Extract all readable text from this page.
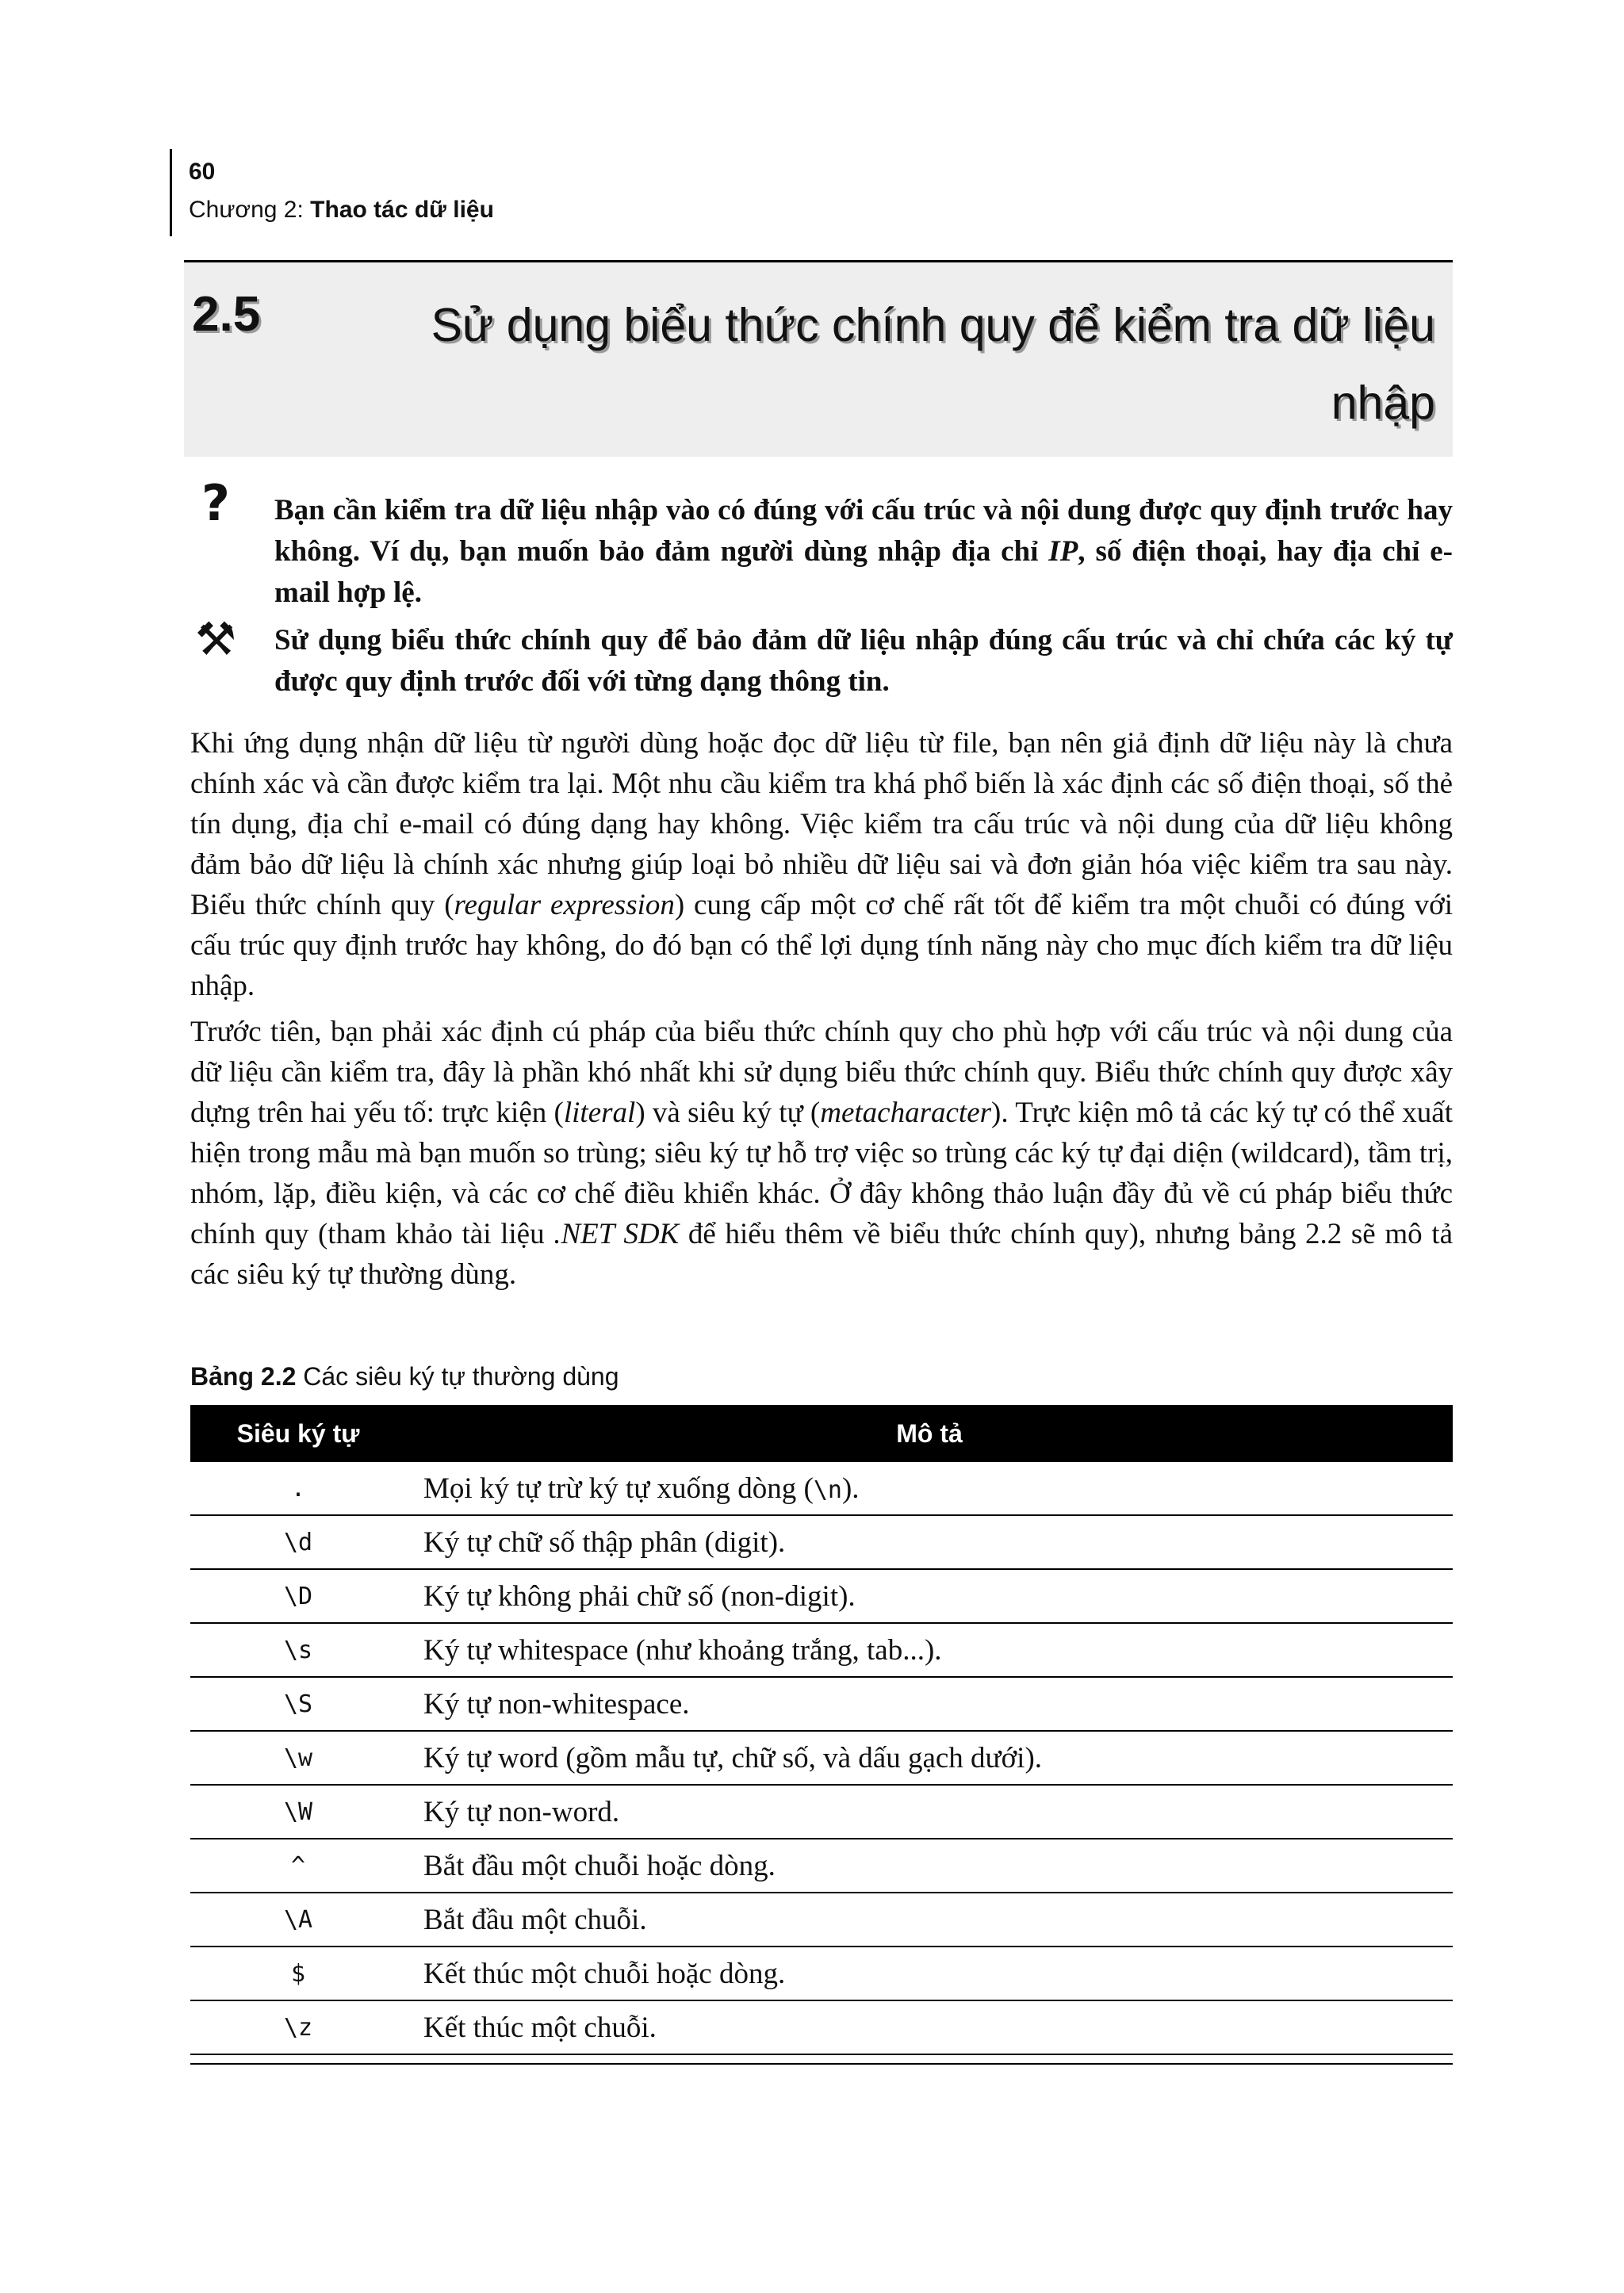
60
Chương 2: Thao tác dữ liệu
2.5	Sử dụng biểu thức chính quy để kiểm tra dữ liệu nhập
?	Bạn cần kiểm tra dữ liệu nhập vào có đúng với cấu trúc và nội dung được quy định trước hay không. Ví dụ, bạn muốn bảo đảm người dùng nhập địa chỉ IP, số điện thoại, hay địa chỉ e-mail hợp lệ.
⚒ Sử dụng biểu thức chính quy để bảo đảm dữ liệu nhập đúng cấu trúc và chỉ chứa các ký tự được quy định trước đối với từng dạng thông tin.
Khi ứng dụng nhận dữ liệu từ người dùng hoặc đọc dữ liệu từ file, bạn nên giả định dữ liệu này là chưa chính xác và cần được kiểm tra lại. Một nhu cầu kiểm tra khá phổ biến là xác định các số điện thoại, số thẻ tín dụng, địa chỉ e-mail có đúng dạng hay không. Việc kiểm tra cấu trúc và nội dung của dữ liệu không đảm bảo dữ liệu là chính xác nhưng giúp loại bỏ nhiều dữ liệu sai và đơn giản hóa việc kiểm tra sau này. Biểu thức chính quy (regular expression) cung cấp một cơ chế rất tốt để kiểm tra một chuỗi có đúng với cấu trúc quy định trước hay không, do đó bạn có thể lợi dụng tính năng này cho mục đích kiểm tra dữ liệu nhập.
Trước tiên, bạn phải xác định cú pháp của biểu thức chính quy cho phù hợp với cấu trúc và nội dung của dữ liệu cần kiểm tra, đây là phần khó nhất khi sử dụng biểu thức chính quy. Biểu thức chính quy được xây dựng trên hai yếu tố: trực kiện (literal) và siêu ký tự (metacharacter). Trực kiện mô tả các ký tự có thể xuất hiện trong mẫu mà bạn muốn so trùng; siêu ký tự hỗ trợ việc so trùng các ký tự đại diện (wildcard), tầm trị, nhóm, lặp, điều kiện, và các cơ chế điều khiển khác. Ở đây không thảo luận đầy đủ về cú pháp biểu thức chính quy (tham khảo tài liệu .NET SDK để hiểu thêm về biểu thức chính quy), nhưng bảng 2.2 sẽ mô tả các siêu ký tự thường dùng.
Bảng 2.2 Các siêu ký tự thường dùng
Siêu ký tự	Mô tả
.	Mọi ký tự trừ ký tự xuống dòng (\n).
\d	Ký tự chữ số thập phân (digit).
\D	Ký tự không phải chữ số (non-digit).
\s	Ký tự whitespace (như khoảng trắng, tab...).
\S	Ký tự non-whitespace.
\w	Ký tự word (gồm mẫu tự, chữ số, và dấu gạch dưới).
\W	Ký tự non-word.
^	Bắt đầu một chuỗi hoặc dòng.
\A	Bắt đầu một chuỗi.
$	Kết thúc một chuỗi hoặc dòng.
\z	Kết thúc một chuỗi.
